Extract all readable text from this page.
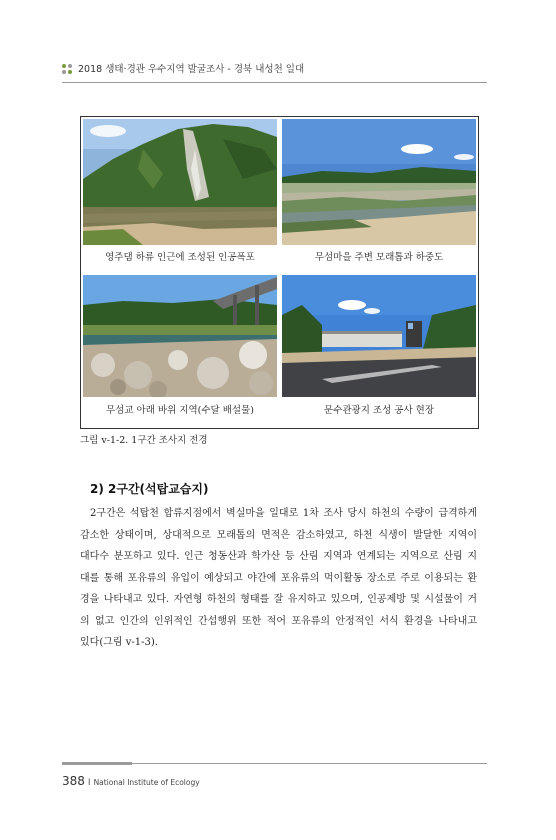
2018 생태·경관 우수지역 발굴조사 - 경북 내성천 일대
영주댐 하류 인근에 조성된 인공폭포	무섬마을 주변 모래톱과 하중도
무섬교 아래 바위 지역(수달 배설물)	문수관광지 조성 공사 현장
그림 v-1-2. 1구간 조사지 전경
2) 2구간(석탑교습지)
2구간은 석탑천 합류지점에서 벽실마을 일대로 1차 조사 당시 하천의 수량이 급격하게
감소한 상태이며, 상대적으로 모래톱의 면적은 감소하였고, 하천 식생이 발달한 지역이
대다수 분포하고 있다. 인근 청동산과 학가산 등 산림 지역과 연계되는 지역으로 산림 지
대를 통해 포유류의 유입이 예상되고 야간에 포유류의 먹이활동 장소로 주로 이용되는 환
경을 나타내고 있다. 자연형 하천의 형태를 잘 유지하고 있으며, 인공제방 및 시설물이 거
의 없고 인간의 인위적인 간섭행위 또한 적어 포유류의 안정적인 서식 환경을 나타내고
있다(그림 v-1-3).
388 I National Institute of Ecology
